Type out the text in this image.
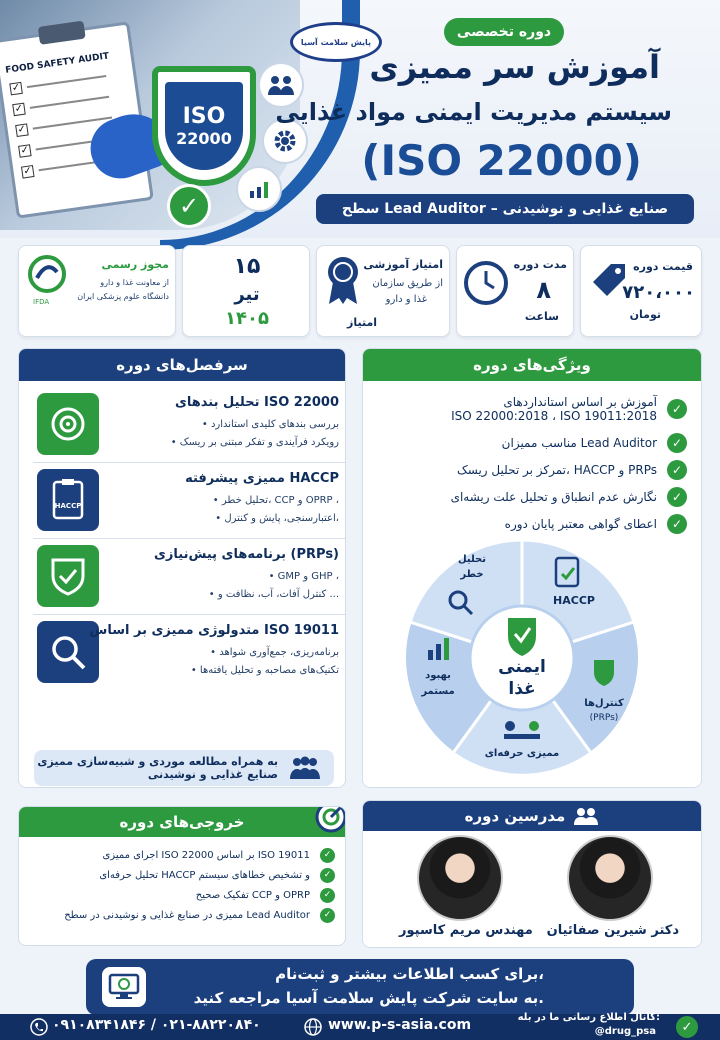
FOOD SAFETY AUDIT
✓
✓
✓
✓
✓
ISO
22000
✓
پایش سلامت آسیا
دوره تخصصی
آموزش سر ممیزی
سیستم مدیریت ایمنی مواد غذایی
(ISO 22000)
سطح Lead Auditor – صنایع غذایی و نوشیدنی
قیمت دوره
۷۲۰،۰۰۰
تومان
مدت دوره
۸
ساعت
امتیاز آموزشی
از طریق سازمان
غذا و دارو
امتیاز
۱۵
تیر
۱۴۰۵
IFDA
مجوز رسمی
از معاونت غذا و دارو
دانشگاه علوم پزشکی ایران
ویژگی‌های دوره
آموزش بر اساس استانداردهای
ISO 22000:2018 ، ISO 19011:2018	✓
مناسب ممیزان Lead Auditor	✓
تمرکز بر تحلیل ریسک، HACCP و PRPs	✓
نگارش عدم انطباق و تحلیل علت ریشه‌ای	✓
اعطای گواهی معتبر پایان دوره	✓
ایمنی
غذا
HACCP
کنترل‌ها
(PRPs)
ممیزی حرفه‌ای
بهبود
مستمر
تحلیل
خطر
سرفصل‌های دوره
تحلیل بندهای ISO 22000
• بررسی بندهای کلیدی استاندارد
• رویکرد فرآیندی و تفکر مبتنی بر ریسک
HACCP
ممیزی پیشرفته HACCP
• تحلیل خطر، CCP و OPRP ،
• اعتبارسنجی، پایش و کنترل،
برنامه‌های پیش‌نیازی (PRPs)
• GMP و GHP ،
• کنترل آفات، آب، نظافت و ...
متدولوژی ممیزی بر اساس ISO 19011
• برنامه‌ریزی، جمع‌آوری شواهد
• تکنیک‌های مصاحبه و تحلیل یافته‌ها
به همراه مطالعه موردی و شبیه‌سازی ممیزی
صنایع غذایی و نوشیدنی
خروجی‌های دوره
اجرای ممیزی ISO 22000 بر اساس ISO 19011	✓
تحلیل حرفه‌ای HACCP و تشخیص خطاهای سیستم	✓
تفکیک صحیح CCP و OPRP	✓
ممیزی در صنایع غذایی و نوشیدنی در سطح Lead Auditor	✓
مدرسین دوره
دکتر شیرین صفائیان
مهندس مریم کاسپور
برای کسب اطلاعات بیشتر و ثبت‌نام،
به سایت شرکت پایش سلامت آسیا مراجعه کنید.
۰۹۱۰۸۳۴۱۸۴۶ / ۰۲۱-۸۸۲۲۰۸۴۰	www.p-s-asia.com	کانال اطلاع رسانی ما در بله:
@drug_psa	✓
